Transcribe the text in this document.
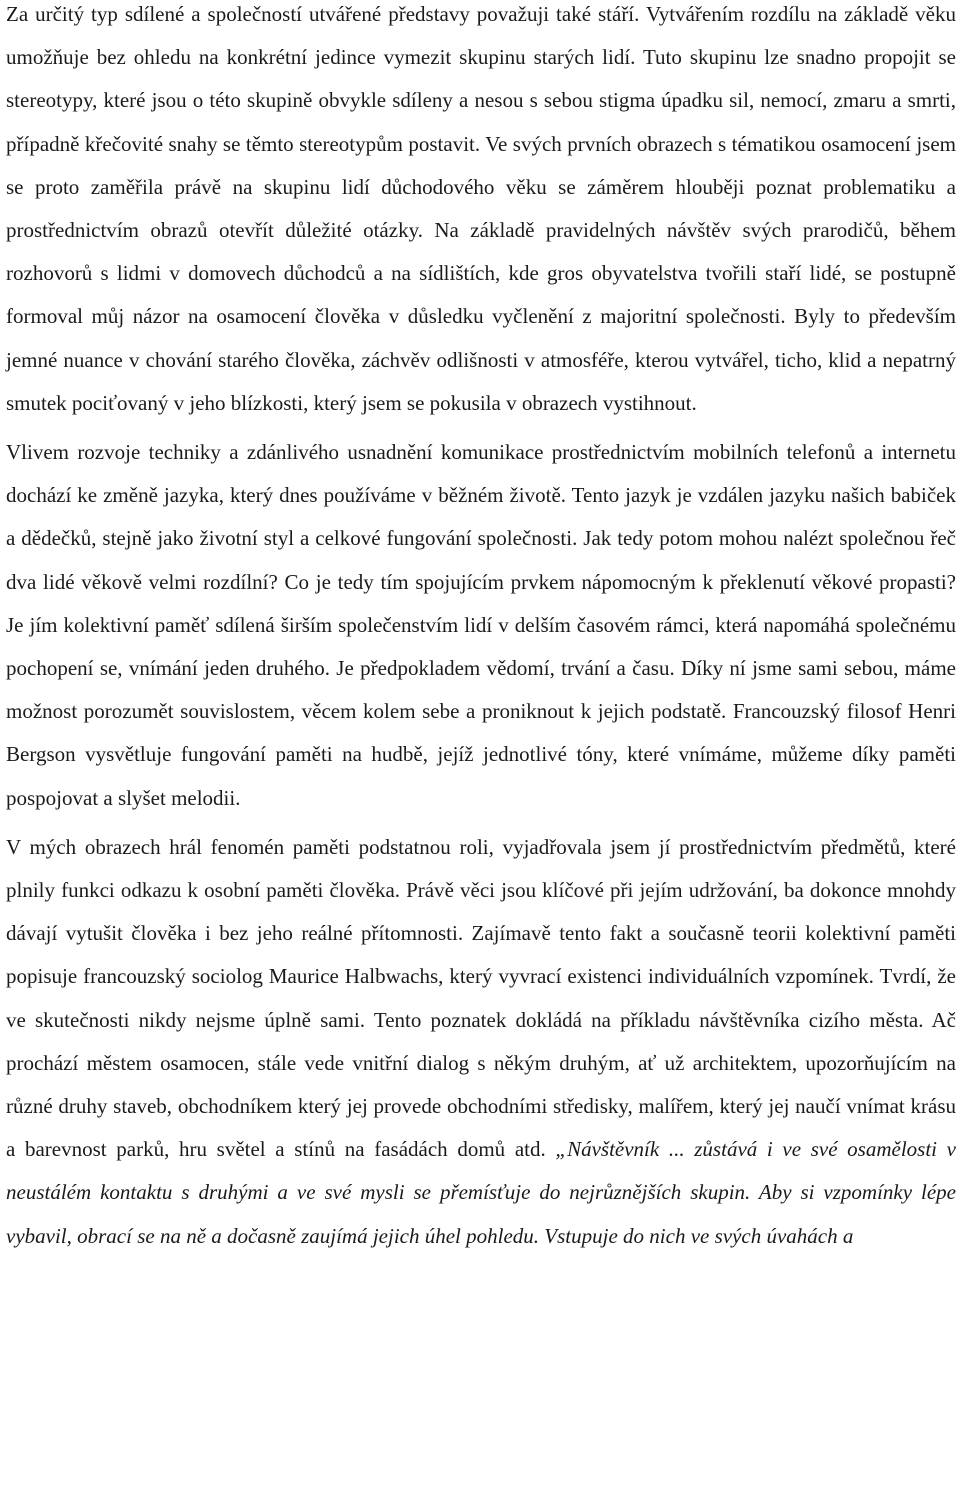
Za určitý typ sdílené a společností utvářené představy považuji také stáří. Vytvářením rozdílu na základě věku umožňuje bez ohledu na konkrétní jedince vymezit skupinu starých lidí. Tuto skupinu lze snadno propojit se stereotypy, které jsou o této skupině obvykle sdíleny a nesou s sebou stigma úpadku sil, nemocí, zmaru a smrti, případně křečovité snahy se těmto stereotypům postavit. Ve svých prvních obrazech s tématikou osamocení jsem se proto zaměřila právě na skupinu lidí důchodového věku se záměrem hlouběji poznat problematiku a prostřednictvím obrazů otevřít důležité otázky. Na základě pravidelných návštěv svých prarodičů, během rozhovorů s lidmi v domovech důchodců a na sídlištích, kde gros obyvatelstva tvořili staří lidé, se postupně formoval můj názor na osamocení člověka v důsledku vyčlenění z majoritní společnosti. Byly to především jemné nuance v chování starého člověka, záchvěv odlišnosti v atmosféře, kterou vytvářel, ticho, klid a nepatrný smutek pociťovaný v jeho blízkosti, který jsem se pokusila v obrazech vystihnout.

Vlivem rozvoje techniky a zdánlivého usnadnění komunikace prostřednictvím mobilních telefonů a internetu dochází ke změně jazyka, který dnes používáme v běžném životě. Tento jazyk je vzdálen jazyku našich babiček a dědečků, stejně jako životní styl a celkové fungování společnosti. Jak tedy potom mohou nalézt společnou řeč dva lidé věkově velmi rozdílní? Co je tedy tím spojujícím prvkem nápomocným k překlenutí věkové propasti? Je jím kolektivní paměť sdílená širším společenstvím lidí v delším časovém rámci, která napomáhá společnému pochopení se, vnímání jeden druhého. Je předpokladem vědomí, trvání a času. Díky ní jsme sami sebou, máme možnost porozumět souvislostem, věcem kolem sebe a proniknout k jejich podstatě. Francouzský filosof Henri Bergson vysvětluje fungování paměti na hudbě, jejíž jednotlivé tóny, které vnímáme, můžeme díky paměti pospojovat a slyšet melodii.

V mých obrazech hrál fenomén paměti podstatnou roli, vyjadřovala jsem jí prostřednictvím předmětů, které plnily funkci odkazu k osobní paměti člověka. Právě věci jsou klíčové při jejím udržování, ba dokonce mnohdy dávají vytušit člověka i bez jeho reálné přítomnosti. Zajímavě tento fakt a současně teorii kolektivní paměti popisuje francouzský sociolog Maurice Halbwachs, který vyvrací existenci individuálních vzpomínek. Tvrdí, že ve skutečnosti nikdy nejsme úplně sami. Tento poznatek dokládá na příkladu návštěvníka cizího města. Ač prochází městem osamocen, stále vede vnitřní dialog s někým druhým, ať už architektem, upozorňujícím na různé druhy staveb, obchodníkem který jej provede obchodními středisky, malířem, který jej naučí vnímat krásu a barevnost parků, hru světel a stínů na fasádách domů atd. „Návštěvník ... zůstává i ve své osamělosti v neustálém kontaktu s druhými a ve své mysli se přemísťuje do nejrůznějších skupin. Aby si vzpomínky lépe vybavil, obrací se na ně a dočasně zaujímá jejich úhel pohledu. Vstupuje do nich ve svých úvahách a
